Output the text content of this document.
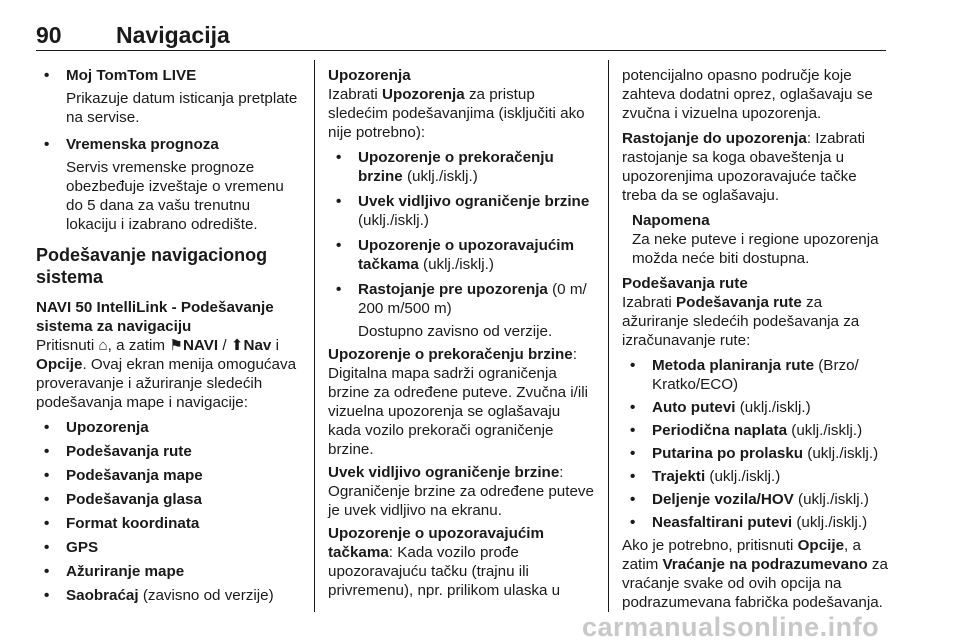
90 Navigacija

• Moj TomTom LIVE

Prikazuje datum isticanja pretplate na servise.

• Vremenska prognoza

Servis vremenske prognoze obezbeđuje izveštaje o vremenu do 5 dana za vašu trenutnu lokaciju i izabrano odredište.

Podešavanje navigacionog sistema

NAVI 50 IntelliLink - Podešavanje sistema za navigaciju

Pritisnuti ⌂, a zatim ⚑NAVI / ⬆Nav i Opcije. Ovaj ekran menija omogućava proveravanje i ažuriranje sledećih podešavanja mape i navigacije:

• Upozorenja

• Podešavanja rute

• Podešavanja mape

• Podešavanja glasa

• Format koordinata

• GPS

• Ažuriranje mape

• Saobraćaj (zavisno od verzije)

Upozorenja

Izabrati Upozorenja za pristup sledećim podešavanjima (isključiti ako nije potrebno):

• Upozorenje o prekoračenju brzine (uklj./isklj.)

• Uvek vidljivo ograničenje brzine (uklj./isklj.)

• Upozorenje o upozoravajućim tačkama (uklj./isklj.)

• Rastojanje pre upozorenja (0 m/ 200 m/500 m)

Dostupno zavisno od verzije.

Upozorenje o prekoračenju brzine: Digitalna mapa sadrži ograničenja brzine za određene puteve. Zvučna i/ili vizuelna upozorenja se oglašavaju kada vozilo prekorači ograničenje brzine.

Uvek vidljivo ograničenje brzine: Ograničenje brzine za određene puteve je uvek vidljivo na ekranu.

Upozorenje o upozoravajućim tačkama: Kada vozilo prođe upozoravajuću tačku (trajnu ili privremenu), npr. prilikom ulaska u

potencijalno opasno područje koje zahteva dodatni oprez, oglašavaju se zvučna i vizuelna upozorenja.

Rastojanje do upozorenja: Izabrati rastojanje sa koga obaveštenja u upozorenjima upozoravajuće tačke treba da se oglašavaju.

Napomena

Za neke puteve i regione upozorenja možda neće biti dostupna.

Podešavanja rute

Izabrati Podešavanja rute za ažuriranje sledećih podešavanja za izračunavanje rute:

• Metoda planiranja rute (Brzo/ Kratko/ECO)

• Auto putevi (uklj./isklj.)

• Periodična naplata (uklj./isklj.)

• Putarina po prolasku (uklj./isklj.)

• Trajekti (uklj./isklj.)

• Deljenje vozila/HOV (uklj./isklj.)

• Neasfaltirani putevi (uklj./isklj.)

Ako je potrebno, pritisnuti Opcije, a zatim Vraćanje na podrazumevano za vraćanje svake od ovih opcija na podrazumevana fabrička podešavanja.

carmanualsonline.info
